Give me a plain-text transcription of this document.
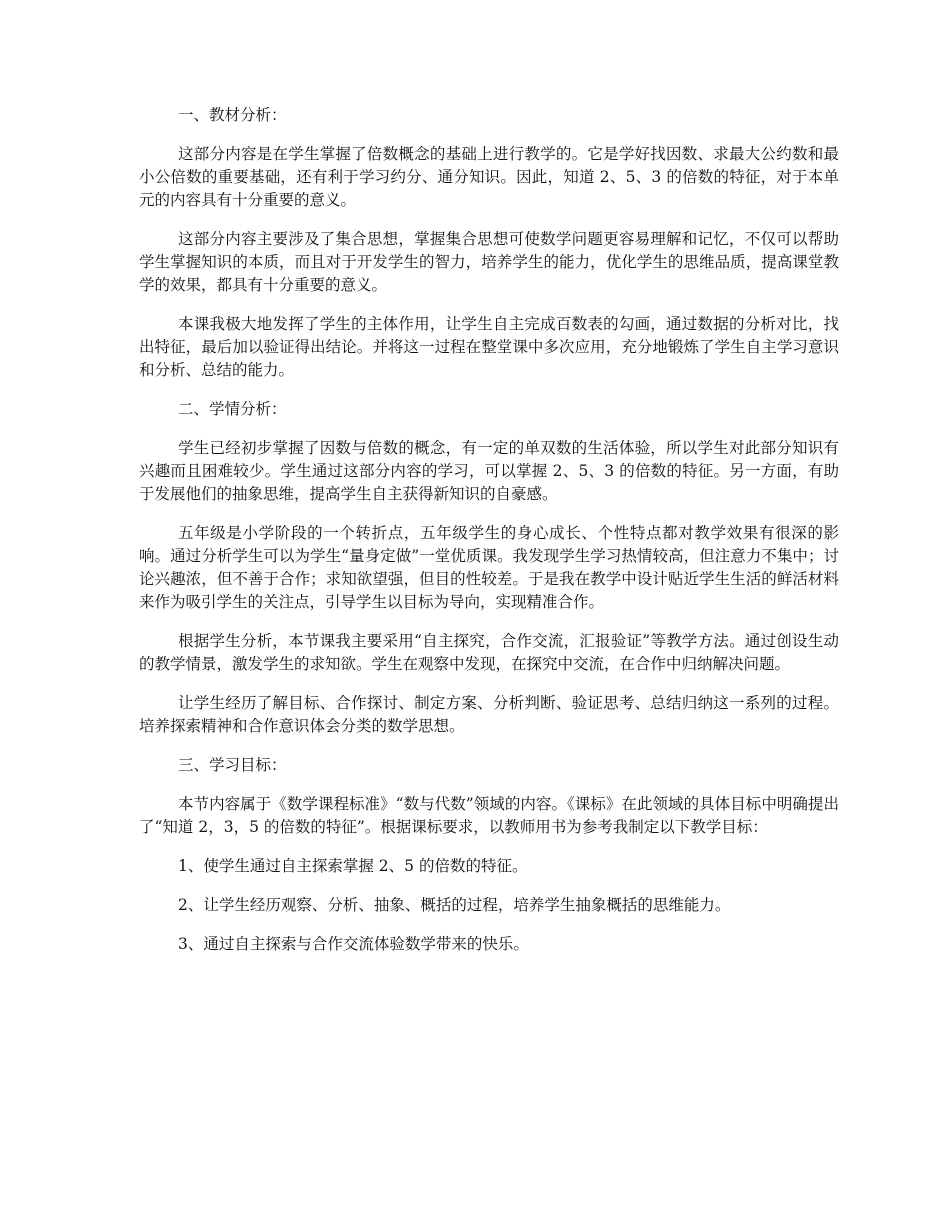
一、教材分析：

这部分内容是在学生掌握了倍数概念的基础上进行教学的。它是学好找因数、求最大公约数和最小公倍数的重要基础，还有利于学习约分、通分知识。因此，知道 2、5、3 的倍数的特征，对于本单元的内容具有十分重要的意义。

这部分内容主要涉及了集合思想，掌握集合思想可使数学问题更容易理解和记忆，不仅可以帮助学生掌握知识的本质，而且对于开发学生的智力，培养学生的能力，优化学生的思维品质，提高课堂教学的效果，都具有十分重要的意义。

本课我极大地发挥了学生的主体作用，让学生自主完成百数表的勾画，通过数据的分析对比，找出特征，最后加以验证得出结论。并将这一过程在整堂课中多次应用，充分地锻炼了学生自主学习意识和分析、总结的能力。

二、学情分析：

学生已经初步掌握了因数与倍数的概念，有一定的单双数的生活体验，所以学生对此部分知识有兴趣而且困难较少。学生通过这部分内容的学习，可以掌握 2、5、3 的倍数的特征。另一方面，有助于发展他们的抽象思维，提高学生自主获得新知识的自豪感。

五年级是小学阶段的一个转折点，五年级学生的身心成长、个性特点都对教学效果有很深的影响。通过分析学生可以为学生“量身定做”一堂优质课。我发现学生学习热情较高，但注意力不集中；讨论兴趣浓，但不善于合作；求知欲望强，但目的性较差。于是我在教学中设计贴近学生生活的鲜活材料来作为吸引学生的关注点，引导学生以目标为导向，实现精准合作。

根据学生分析，本节课我主要采用“自主探究，合作交流，汇报验证”等教学方法。通过创设生动的教学情景，激发学生的求知欲。学生在观察中发现，在探究中交流，在合作中归纳解决问题。

让学生经历了解目标、合作探讨、制定方案、分析判断、验证思考、总结归纳这一系列的过程。培养探索精神和合作意识体会分类的数学思想。

三、学习目标：

本节内容属于《数学课程标准》“数与代数”领域的内容。《课标》在此领域的具体目标中明确提出了“知道 2，3，5 的倍数的特征”。根据课标要求，以教师用书为参考我制定以下教学目标：

1、使学生通过自主探索掌握 2、5 的倍数的特征。

2、让学生经历观察、分析、抽象、概括的过程，培养学生抽象概括的思维能力。

3、通过自主探索与合作交流体验数学带来的快乐。
